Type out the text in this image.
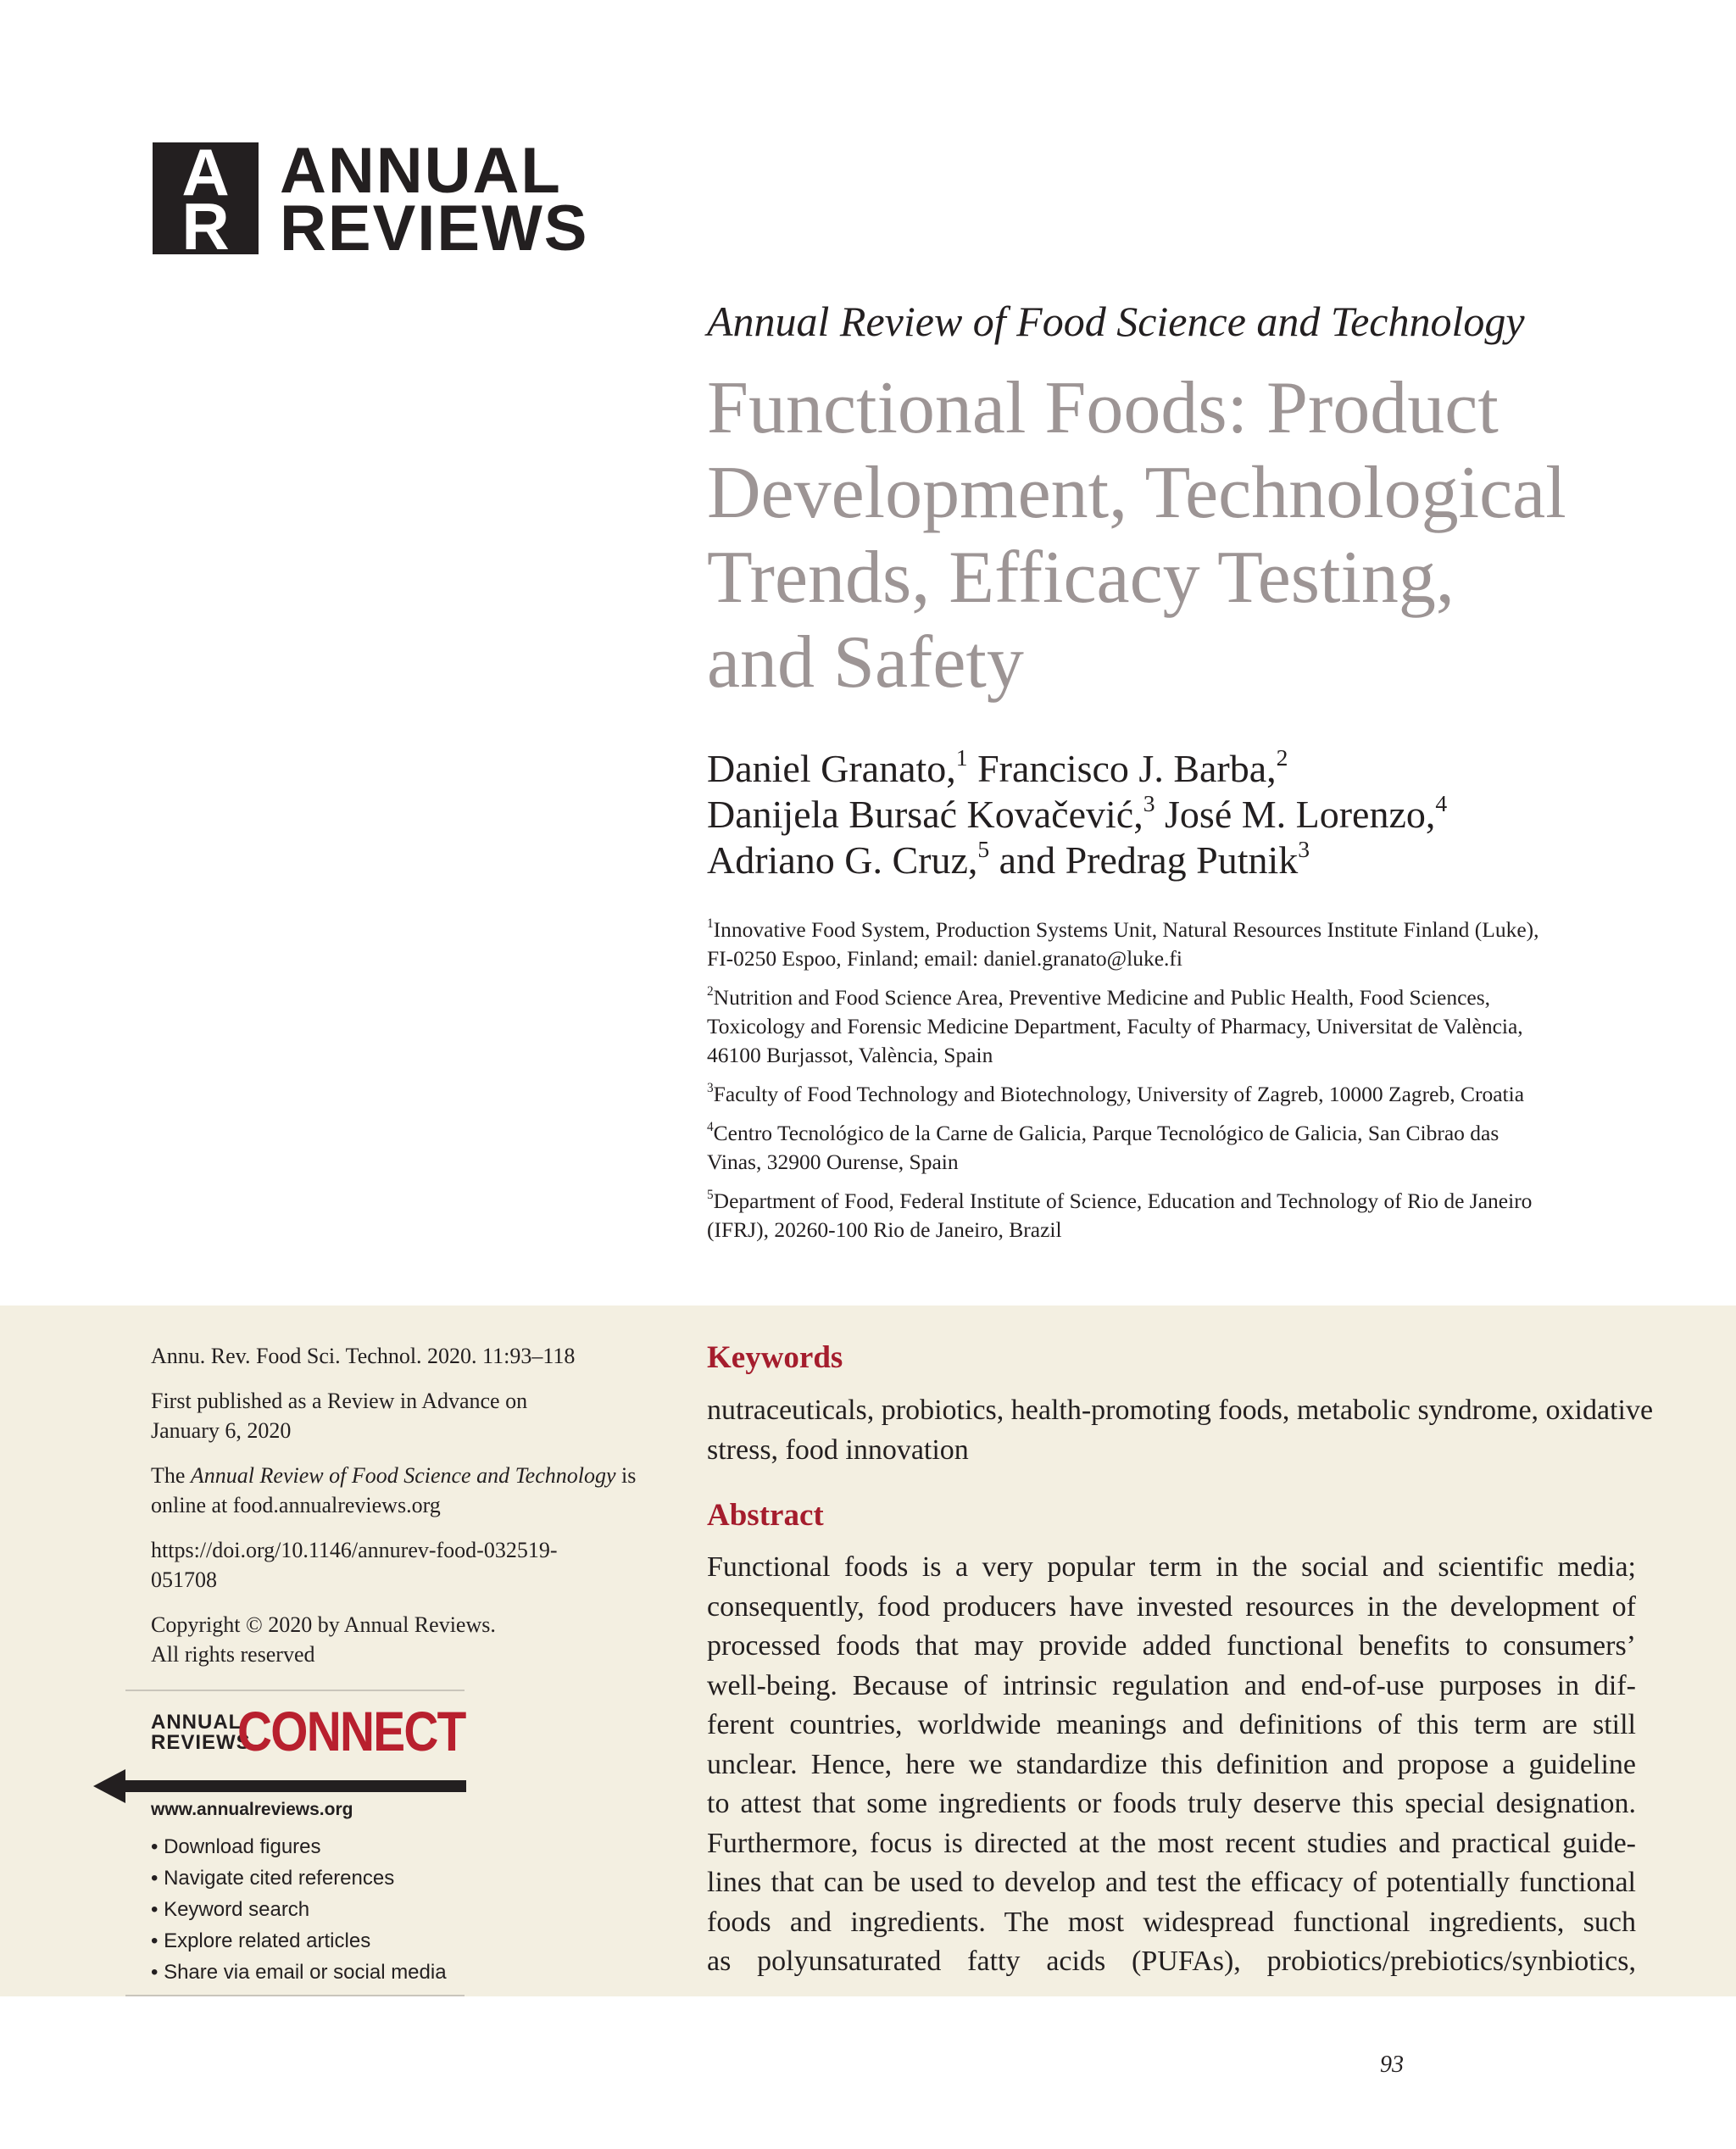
A
R
ANNUAL
REVIEWS
Annual Review of Food Science and Technology
Functional Foods: Product
Development, Technological
Trends, Efficacy Testing,
and Safety
Daniel Granato,$^1$ Francisco J. Barba,$^2$
Danijela Bursać Kovačević,$^3$ José M. Lorenzo,$^4$
Adriano G. Cruz,$^5$ and Predrag Putnik$^3$
$^1$Innovative Food System, Production Systems Unit, Natural Resources Institute Finland (Luke),
FI-0250 Espoo, Finland; email: daniel.granato@luke.fi
$^2$Nutrition and Food Science Area, Preventive Medicine and Public Health, Food Sciences,
Toxicology and Forensic Medicine Department, Faculty of Pharmacy, Universitat de València,
46100 Burjassot, València, Spain
$^3$Faculty of Food Technology and Biotechnology, University of Zagreb, 10000 Zagreb, Croatia
$^4$Centro Tecnológico de la Carne de Galicia, Parque Tecnológico de Galicia, San Cibrao das
Vinas, 32900 Ourense, Spain
$^5$Department of Food, Federal Institute of Science, Education and Technology of Rio de Janeiro
(IFRJ), 20260-100 Rio de Janeiro, Brazil
Annu. Rev. Food Sci. Technol. 2020. 11:93–118
First published as a Review in Advance on
January 6, 2020
The Annual Review of Food Science and Technology is
online at food.annualreviews.org
https://doi.org/10.1146/annurev-food-032519-
051708
Copyright © 2020 by Annual Reviews.
All rights reserved
ANNUAL
REVIEWS
CONNECT
www.annualreviews.org
• Download figures
• Navigate cited references
• Keyword search
• Explore related articles
• Share via email or social media
Keywords
nutraceuticals, probiotics, health-promoting foods, metabolic syndrome, oxidative stress, food innovation
Abstract
Functional foods is a very popular term in the social and scientific media;
consequently, food producers have invested resources in the development of
processed foods that may provide added functional benefits to consumers’
well-being. Because of intrinsic regulation and end-of-use purposes in dif-
ferent countries, worldwide meanings and definitions of this term are still
unclear. Hence, here we standardize this definition and propose a guideline
to attest that some ingredients or foods truly deserve this special designation.
Furthermore, focus is directed at the most recent studies and practical guide-
lines that can be used to develop and test the efficacy of potentially functional
foods and ingredients. The most widespread functional ingredients, such
as polyunsaturated fatty acids (PUFAs), probiotics/prebiotics/synbiotics,
93
